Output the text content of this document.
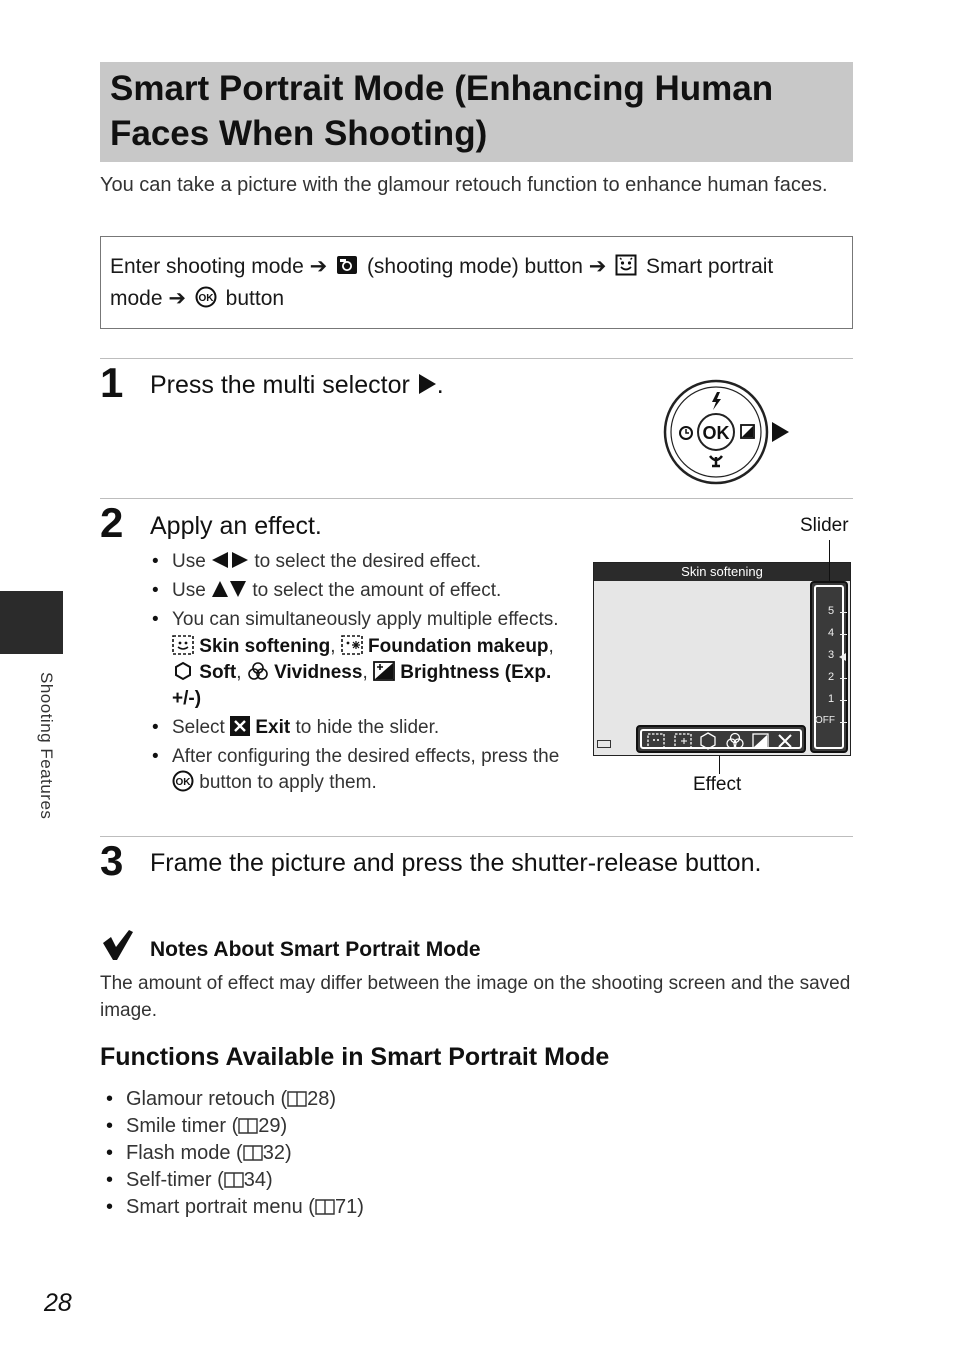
Smart Portrait Mode (Enhancing Human
Faces When Shooting)
You can take a picture with the glamour retouch function to enhance human faces.
Enter shooting mode ➔ (shooting mode) button ➔ Smart portrait
mode ➔ OK button
1 Press the multi selector .
OK
2 Apply an effect.
• Use	to select the desired effect.
• Use to select the amount of effect.
• You can simultaneously apply multiple effects.
Skin softening,  Foundation makeup,  Soft,  Vividness,  Brightness (Exp. +/-)
• Select Exit to hide the slider.
• After configuring the desired effects, press the
OK button to apply them.
Slider
Effect
Skin softening
5
4
3
2
1
OFF
3 Frame the picture and press the shutter-release button.
Notes About Smart Portrait Mode
The amount of effect may differ between the image on the shooting screen and the saved image.
Functions Available in Smart Portrait Mode
• Glamour retouch ( 28)
• Smile timer ( 29)
• Flash mode ( 32)
• Self-timer ( 34)
• Smart portrait menu ( 71)
Shooting Features
28
